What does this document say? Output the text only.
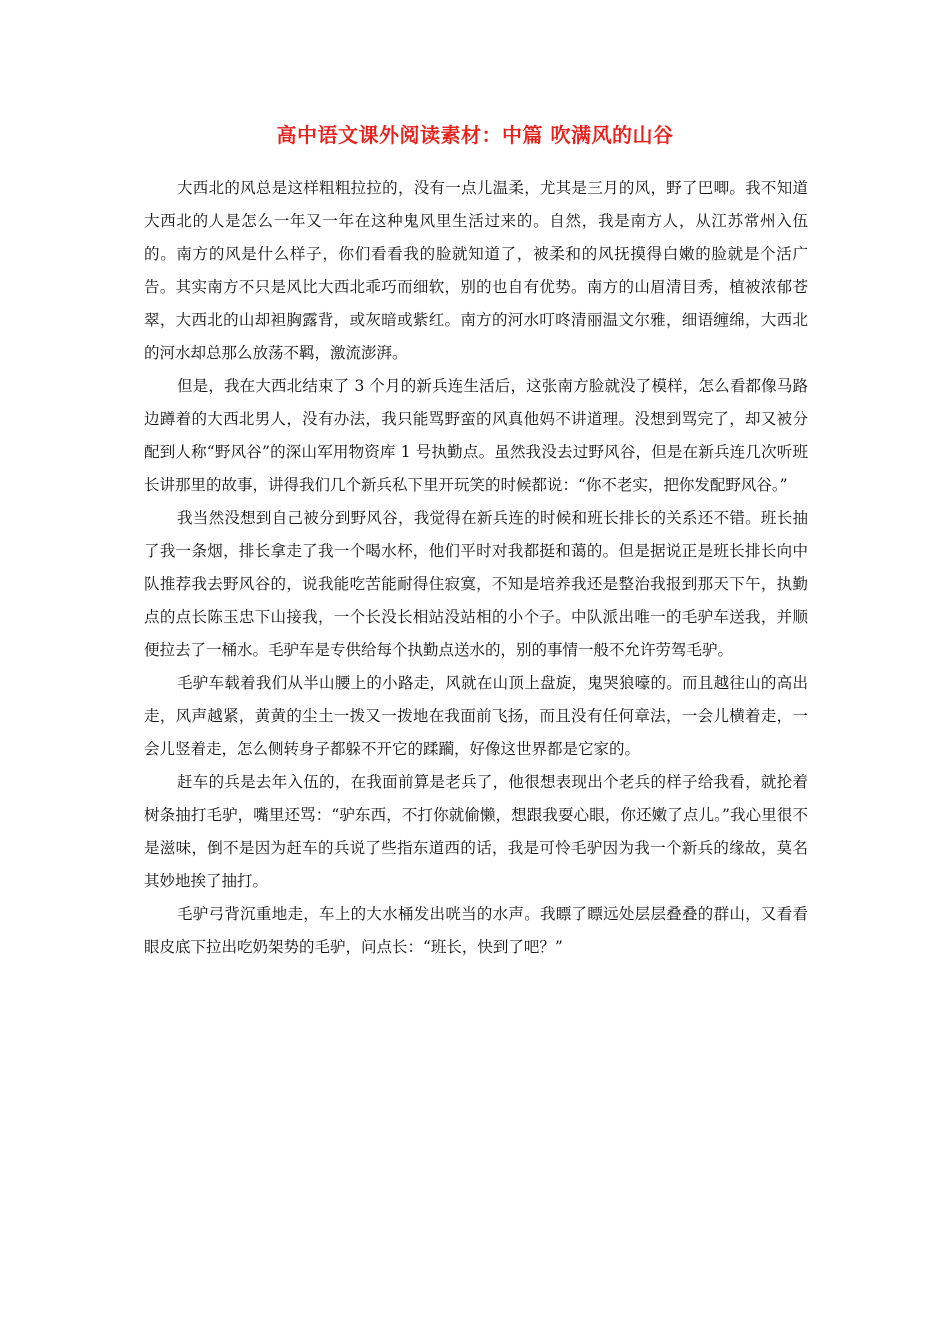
高中语文课外阅读素材：中篇 吹满风的山谷

大西北的风总是这样粗粗拉拉的，没有一点儿温柔，尤其是三月的风，野了巴唧。我不知道大西北的人是怎么一年又一年在这种鬼风里生活过来的。自然，我是南方人，从江苏常州入伍的。南方的风是什么样子，你们看看我的脸就知道了，被柔和的风抚摸得白嫩的脸就是个活广告。其实南方不只是风比大西北乖巧而细软，别的也自有优势。南方的山眉清目秀，植被浓郁苍翠，大西北的山却袒胸露背，或灰暗或紫红。南方的河水叮咚清丽温文尔雅，细语缠绵，大西北的河水却总那么放荡不羁，激流澎湃。

但是，我在大西北结束了 3 个月的新兵连生活后，这张南方脸就没了模样，怎么看都像马路边蹲着的大西北男人，没有办法，我只能骂野蛮的风真他妈不讲道理。没想到骂完了，却又被分配到人称“野风谷”的深山军用物资库 1 号执勤点。虽然我没去过野风谷，但是在新兵连几次听班长讲那里的故事，讲得我们几个新兵私下里开玩笑的时候都说：“你不老实，把你发配野风谷。”

我当然没想到自己被分到野风谷，我觉得在新兵连的时候和班长排长的关系还不错。班长抽了我一条烟，排长拿走了我一个喝水杯，他们平时对我都挺和蔼的。但是据说正是班长排长向中队推荐我去野风谷的，说我能吃苦能耐得住寂寞，不知是培养我还是整治我报到那天下午，执勤点的点长陈玉忠下山接我，一个长没长相站没站相的小个子。中队派出唯一的毛驴车送我，并顺便拉去了一桶水。毛驴车是专供给每个执勤点送水的，别的事情一般不允许劳驾毛驴。

毛驴车载着我们从半山腰上的小路走，风就在山顶上盘旋，鬼哭狼嚎的。而且越往山的高出走，风声越紧，黄黄的尘土一拨又一拨地在我面前飞扬，而且没有任何章法，一会儿横着走，一会儿竖着走，怎么侧转身子都躲不开它的蹂躏，好像这世界都是它家的。

赶车的兵是去年入伍的，在我面前算是老兵了，他很想表现出个老兵的样子给我看，就抡着树条抽打毛驴，嘴里还骂：“驴东西，不打你就偷懒，想跟我耍心眼，你还嫩了点儿。”我心里很不是滋味，倒不是因为赶车的兵说了些指东道西的话，我是可怜毛驴因为我一个新兵的缘故，莫名其妙地挨了抽打。

毛驴弓背沉重地走，车上的大水桶发出咣当的水声。我瞟了瞟远处层层叠叠的群山，又看看眼皮底下拉出吃奶架势的毛驴，问点长：“班长，快到了吧？”
